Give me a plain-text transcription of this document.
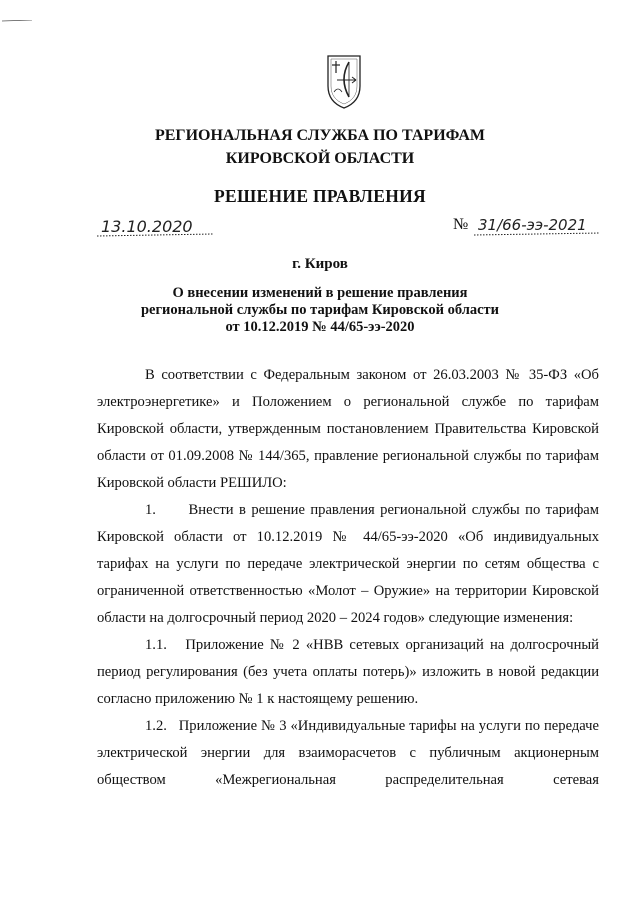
РЕГИОНАЛЬНАЯ СЛУЖБА ПО ТАРИФАМ
КИРОВСКОЙ ОБЛАСТИ
РЕШЕНИЕ ПРАВЛЕНИЯ
13.10.2020	№ 31/66-ээ-2021
г. Киров
О внесении изменений в решение правления
региональной службы по тарифам Кировской области
от 10.12.2019 № 44/65-ээ-2020

В соответствии с Федеральным законом от 26.03.2003 № 35-ФЗ «Об электроэнергетике» и Положением о региональной службе по тарифам Кировской области, утвержденным постановлением Правительства Кировской области от 01.09.2008 № 144/365, правление региональной службы по тарифам Кировской области РЕШИЛО:

1.      Внести в решение правления региональной службы по тарифам Кировской области от 10.12.2019 № 44/65-ээ-2020 «Об индивидуальных тарифах на услуги по передаче электрической энергии по сетям общества с ограниченной ответственностью «Молот – Оружие» на территории Кировской области на долгосрочный период 2020 – 2024 годов» следующие изменения:

1.1.   Приложение № 2 «НВВ сетевых организаций на долгосрочный период регулирования (без учета оплаты потерь)» изложить в новой редакции согласно приложению № 1 к настоящему решению.

1.2.   Приложение № 3 «Индивидуальные тарифы на услуги по передаче электрической энергии для взаиморасчетов с публичным акционерным обществом «Межрегиональная распределительная сетевая
